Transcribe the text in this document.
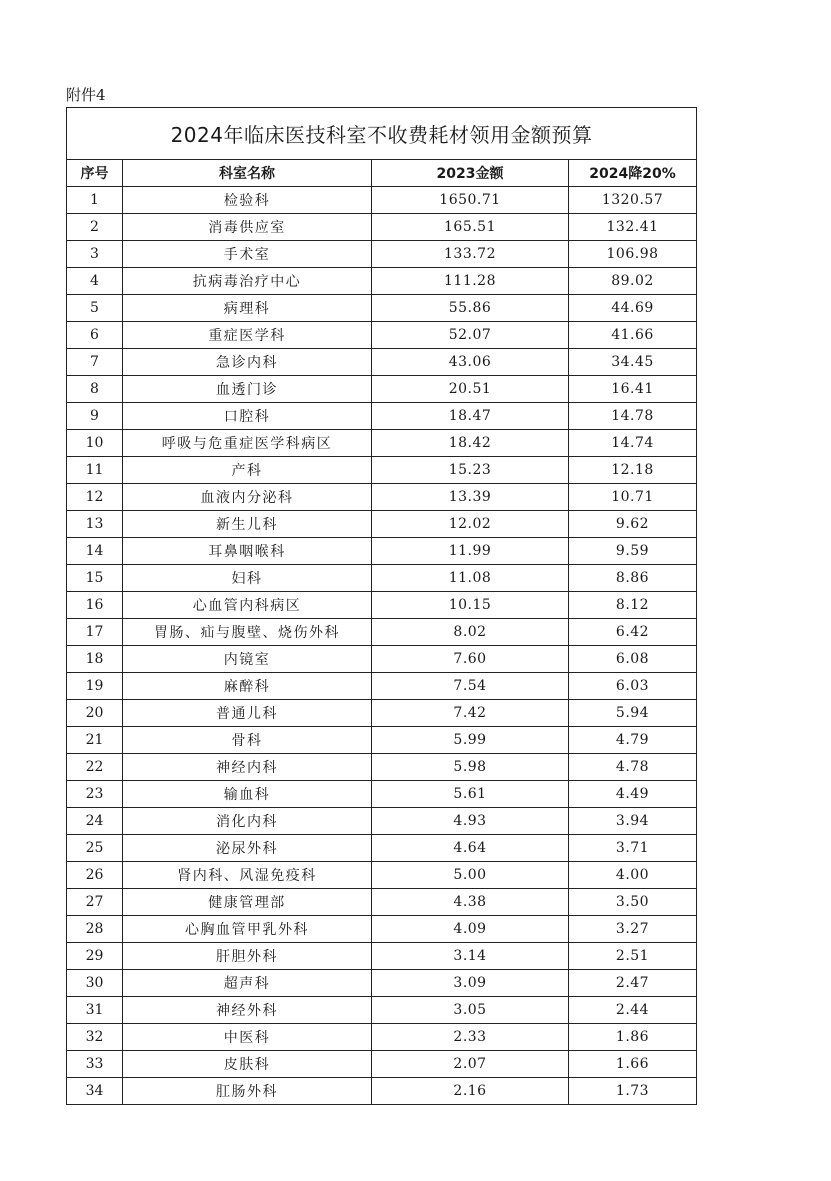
附件4
2024年临床医技科室不收费耗材领用金额预算			
序号	科室名称	2023金额	2024降20%
1	检验科	1650.71	1320.57
2	消毒供应室	165.51	132.41
3	手术室	133.72	106.98
4	抗病毒治疗中心	111.28	89.02
5	病理科	55.86	44.69
6	重症医学科	52.07	41.66
7	急诊内科	43.06	34.45
8	血透门诊	20.51	16.41
9	口腔科	18.47	14.78
10	呼吸与危重症医学科病区	18.42	14.74
11	产科	15.23	12.18
12	血液内分泌科	13.39	10.71
13	新生儿科	12.02	9.62
14	耳鼻咽喉科	11.99	9.59
15	妇科	11.08	8.86
16	心血管内科病区	10.15	8.12
17	胃肠、疝与腹壁、烧伤外科	8.02	6.42
18	内镜室	7.60	6.08
19	麻醉科	7.54	6.03
20	普通儿科	7.42	5.94
21	骨科	5.99	4.79
22	神经内科	5.98	4.78
23	输血科	5.61	4.49
24	消化内科	4.93	3.94
25	泌尿外科	4.64	3.71
26	肾内科、风湿免疫科	5.00	4.00
27	健康管理部	4.38	3.50
28	心胸血管甲乳外科	4.09	3.27
29	肝胆外科	3.14	2.51
30	超声科	3.09	2.47
31	神经外科	3.05	2.44
32	中医科	2.33	1.86
33	皮肤科	2.07	1.66
34	肛肠外科	2.16	1.73
